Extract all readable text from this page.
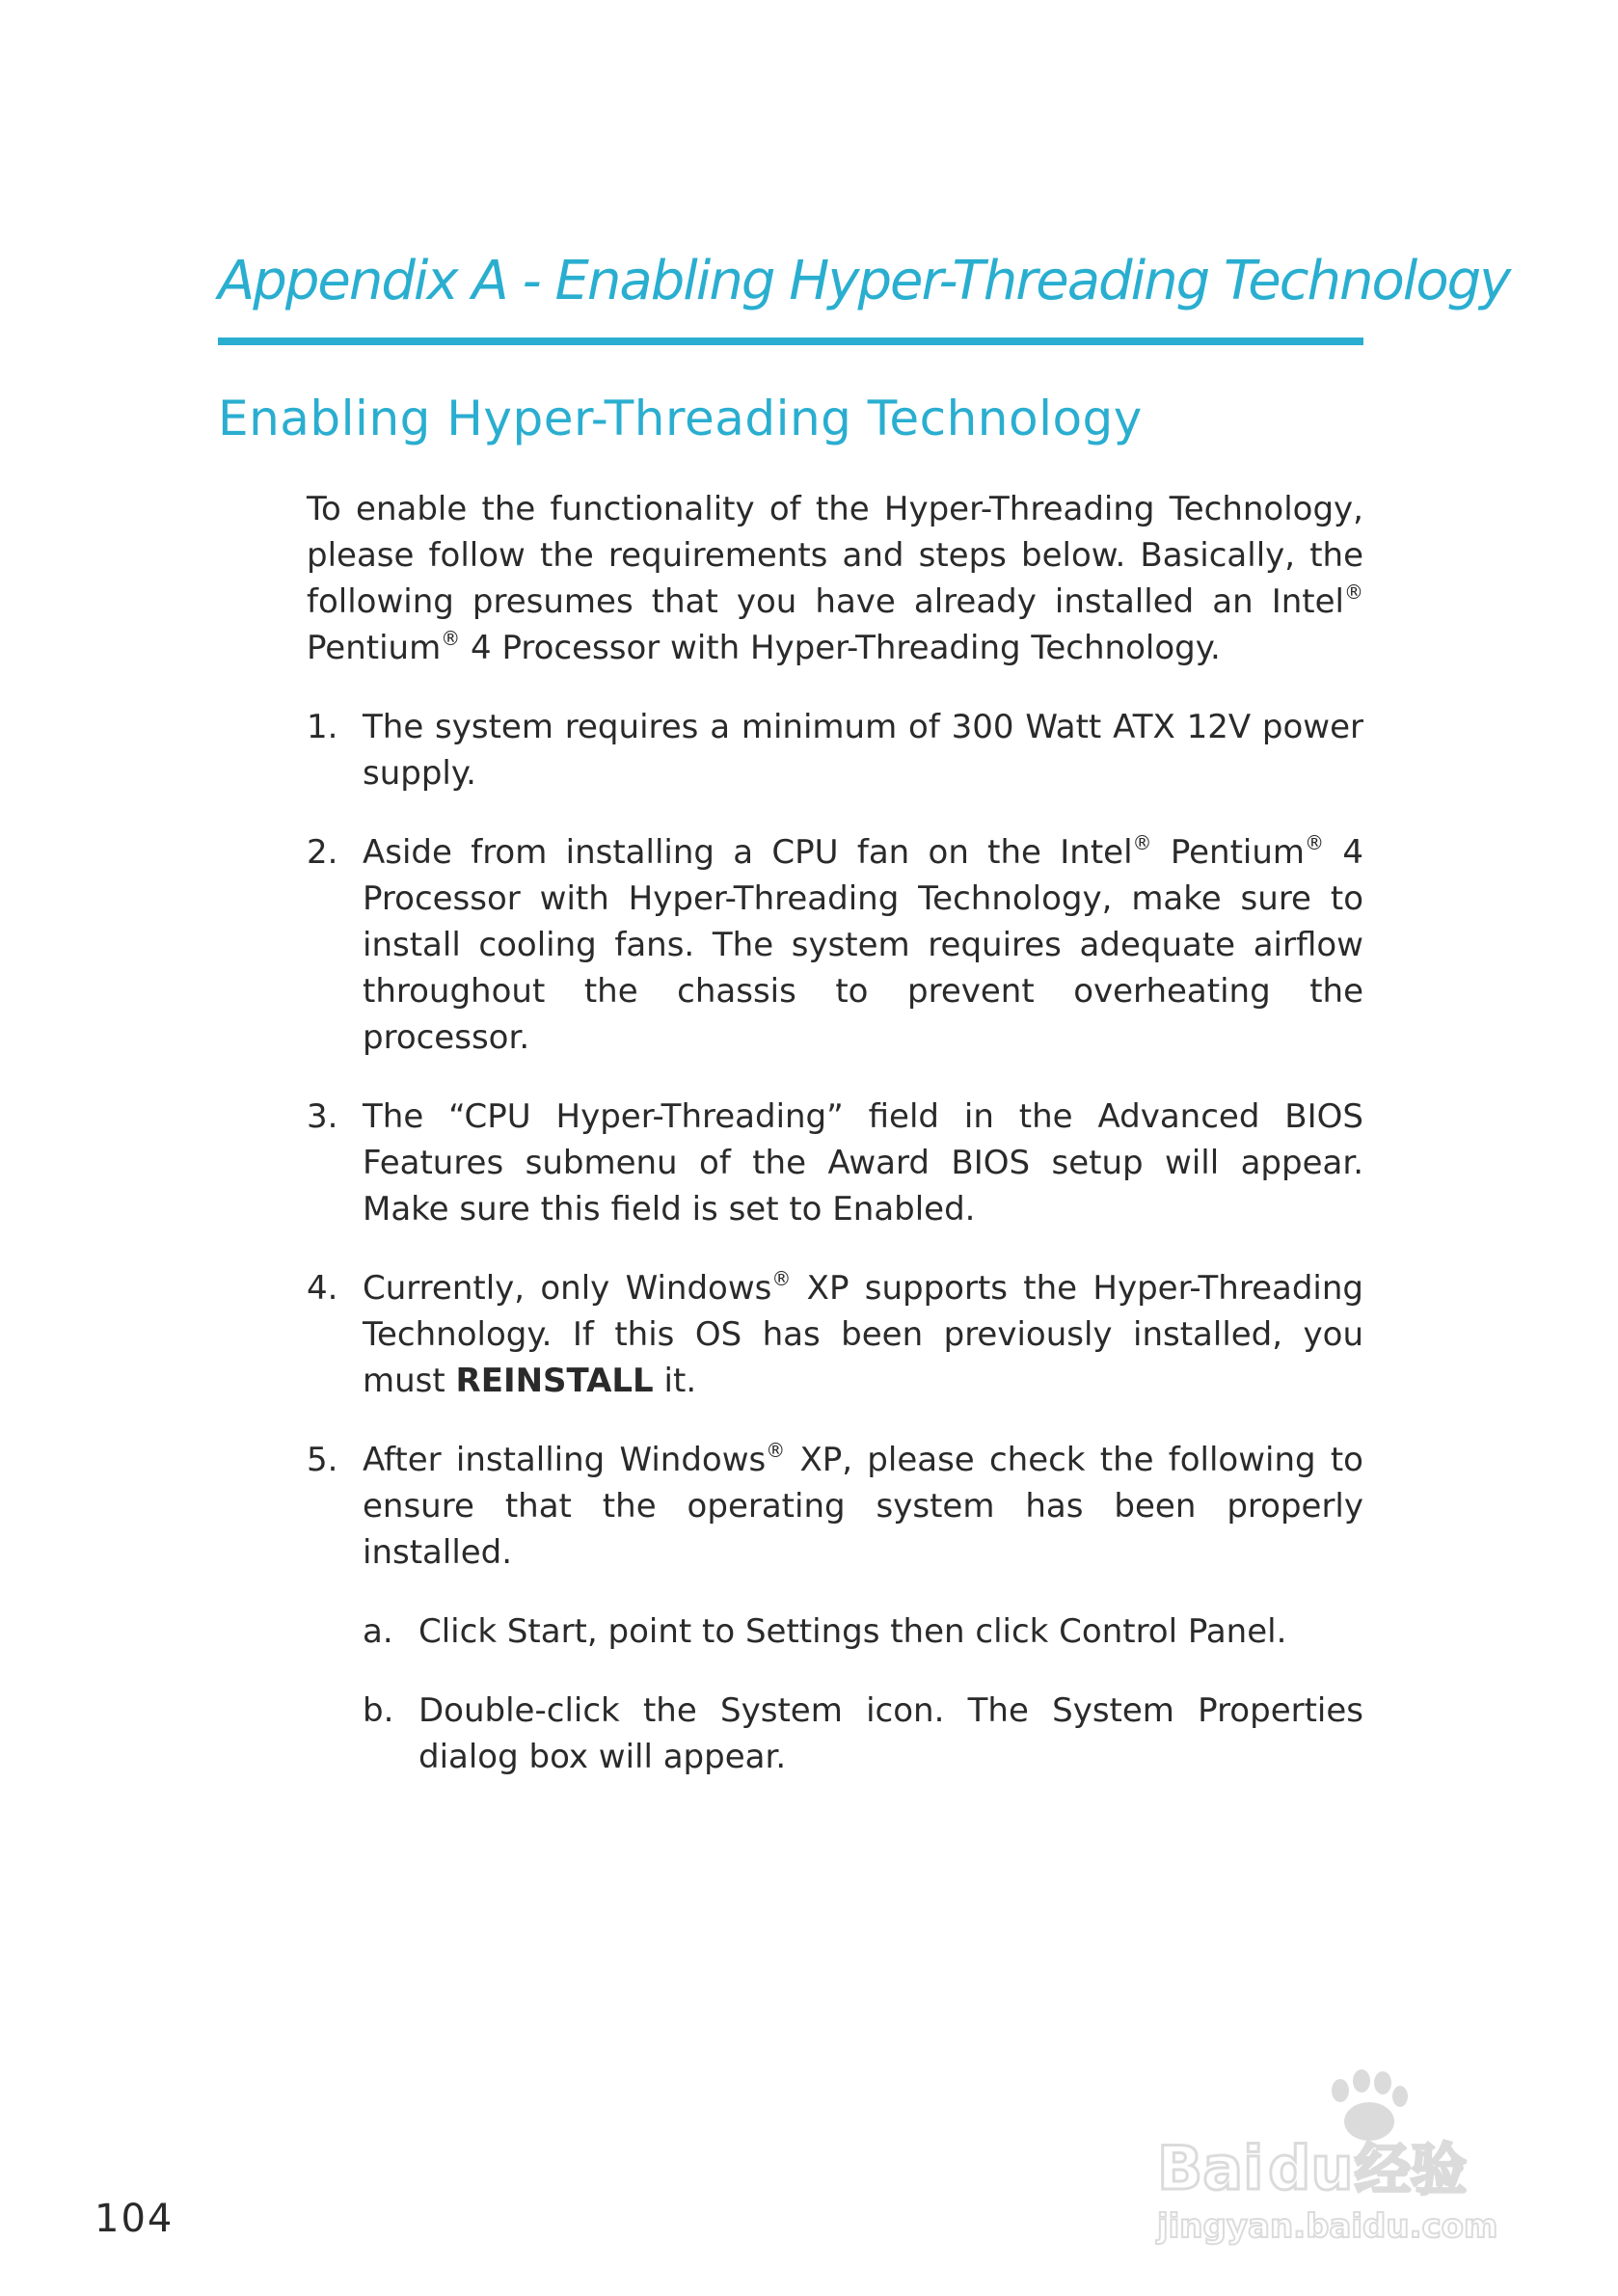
Appendix A - Enabling Hyper-Threading Technology
Enabling Hyper-Threading Technology

To enable the functionality of the Hyper-Threading Technology, please follow the requirements and steps below. Basically, the following presumes that you have already installed an Intel® Pentium® 4 Processor with Hyper-Threading Technology.

1. The system requires a minimum of 300 Watt ATX 12V power supply.
2. Aside from installing a CPU fan on the Intel® Pentium® 4 Processor with Hyper-Threading Technology, make sure to install cooling fans. The system requires adequate airflow throughout the chassis to prevent overheating the processor.
3. The “CPU Hyper-Threading” field in the Advanced BIOS Features submenu of the Award BIOS setup will appear. Make sure this field is set to Enabled.
4. Currently, only Windows® XP supports the Hyper-Threading Technology. If this OS has been previously installed, you must REINSTALL it.
5. After installing Windows® XP, please check the following to ensure that the operating system has been properly installed.
a. Click Start, point to Settings then click Control Panel.
b. Double-click the System icon. The System Properties dialog box will appear.
104
Bai du 经验
jingyan.baidu.com
